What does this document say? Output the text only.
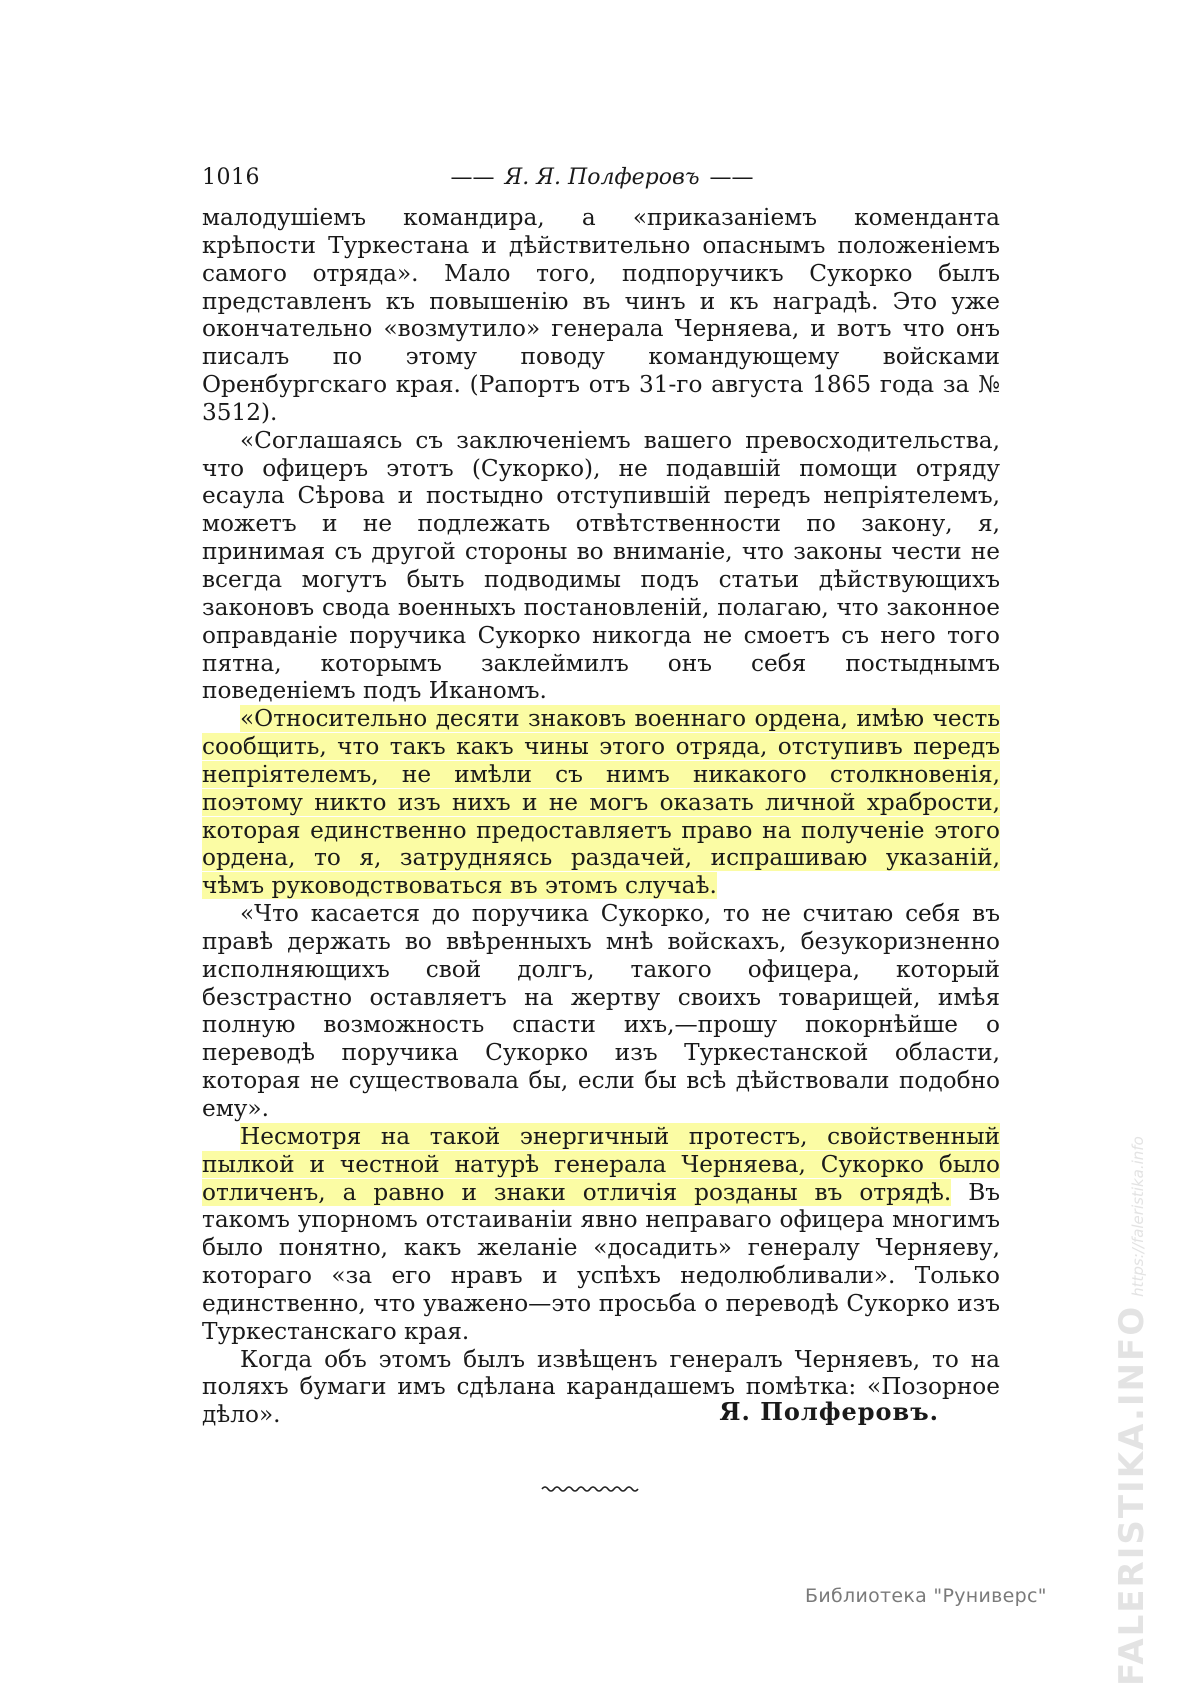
1016	—— Я. Я. Полферовъ ——

малодушіемъ командира, а «приказаніемъ коменданта крѣпости Туркестана и дѣйствительно опаснымъ положеніемъ самого отряда». Мало того, подпоручикъ Сукорко былъ представленъ къ повышенію въ чинъ и къ наградѣ. Это уже окончательно «возмутило» генерала Черняева, и вотъ что онъ писалъ по этому поводу командующему войсками Оренбургскаго края. (Рапортъ отъ 31-го августа 1865 года за № 3512).

«Соглашаясь съ заключеніемъ вашего превосходительства, что офицеръ этотъ (Сукорко), не подавшій помощи отряду есаула Сѣрова и постыдно отступившій передъ непріятелемъ, можетъ и не подлежать отвѣтственности по закону, я, принимая съ другой стороны во вниманіе, что законы чести не всегда могутъ быть подводимы подъ статьи дѣйствующихъ законовъ свода военныхъ постановленій, полагаю, что законное оправданіе поручика Сукорко никогда не смоетъ съ него того пятна, которымъ заклеймилъ онъ себя постыднымъ поведеніемъ подъ Иканомъ.

«Относительно десяти знаковъ военнаго ордена, имѣю честь сообщить, что такъ какъ чины этого отряда, отступивъ передъ непріятелемъ, не имѣли съ нимъ никакого столкновенія, поэтому никто изъ нихъ и не могъ оказать личной храбрости, которая единственно предоставляетъ право на полученіе этого ордена, то я, затрудняясь раздачей, испрашиваю указаній, чѣмъ руководствоваться въ этомъ случаѣ.

«Что касается до поручика Сукорко, то не считаю себя въ правѣ держать во ввѣренныхъ мнѣ войскахъ, безукоризненно исполняющихъ свой долгъ, такого офицера, который безстрастно оставляетъ на жертву своихъ товарищей, имѣя полную возможность спасти ихъ,—прошу покорнѣйше о переводѣ поручика Сукорко изъ Туркестанской области, которая не существовала бы, если бы всѣ дѣйствовали подобно ему».

Несмотря на такой энергичный протестъ, свойственный пылкой и честной натурѣ генерала Черняева, Сукорко было отличенъ, а равно и знаки отличія розданы въ отрядѣ. Въ такомъ упорномъ отстаиваніи явно неправаго офицера многимъ было понятно, какъ желаніе «досадить» генералу Черняеву, котораго «за его нравъ и успѣхъ недолюбливали». Только единственно, что уважено—это просьба о переводѣ Сукорко изъ Туркестанскаго края.

Когда объ этомъ былъ извѣщенъ генералъ Черняевъ, то на поляхъ бумаги имъ сдѣлана карандашемъ помѣтка: «Позорное дѣло».	Я. Полферовъ.
Библиотека "Руниверс" FALERISTIKA.INFOhttps://faleristika.info
